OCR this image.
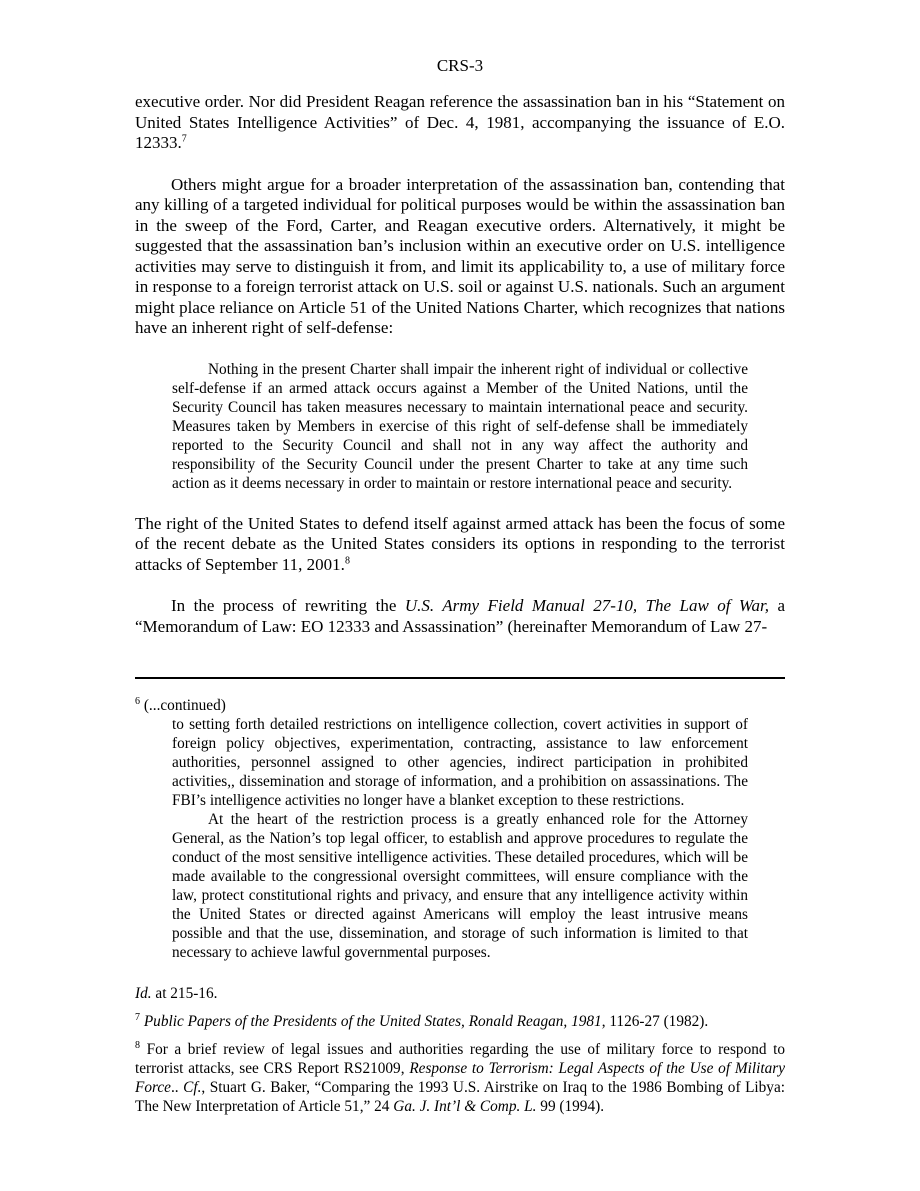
CRS-3

executive order. Nor did President Reagan reference the assassination ban in his “Statement on United States Intelligence Activities” of Dec. 4, 1981, accompanying the issuance of E.O. 12333.$^7$

Others might argue for a broader interpretation of the assassination ban, contending that any killing of a targeted individual for political purposes would be within the assassination ban in the sweep of the Ford, Carter, and Reagan executive orders. Alternatively, it might be suggested that the assassination ban’s inclusion within an executive order on U.S. intelligence activities may serve to distinguish it from, and limit its applicability to, a use of military force in response to a foreign terrorist attack on U.S. soil or against U.S. nationals. Such an argument might place reliance on Article 51 of the United Nations Charter, which recognizes that nations have an inherent right of self-defense:

Nothing in the present Charter shall impair the inherent right of individual or collective self-defense if an armed attack occurs against a Member of the United Nations, until the Security Council has taken measures necessary to maintain international peace and security. Measures taken by Members in exercise of this right of self-defense shall be immediately reported to the Security Council and shall not in any way affect the authority and responsibility of the Security Council under the present Charter to take at any time such action as it deems necessary in order to maintain or restore international peace and security.

The right of the United States to defend itself against armed attack has been the focus of some of the recent debate as the United States considers its options in responding to the terrorist attacks of September 11, 2001.$^8$

In the process of rewriting the U.S. Army Field Manual 27-10, The Law of War, a “Memorandum of Law: EO 12333 and Assassination” (hereinafter Memorandum of Law 27-

$^6$ (...continued)

to setting forth detailed restrictions on intelligence collection, covert activities in support of foreign policy objectives, experimentation, contracting, assistance to law enforcement authorities, personnel assigned to other agencies, indirect participation in prohibited activities,, dissemination and storage of information, and a prohibition on assassinations. The FBI’s intelligence activities no longer have a blanket exception to these restrictions.

At the heart of the restriction process is a greatly enhanced role for the Attorney General, as the Nation’s top legal officer, to establish and approve procedures to regulate the conduct of the most sensitive intelligence activities. These detailed procedures, which will be made available to the congressional oversight committees, will ensure compliance with the law, protect constitutional rights and privacy, and ensure that any intelligence activity within the United States or directed against Americans will employ the least intrusive means possible and that the use, dissemination, and storage of such information is limited to that necessary to achieve lawful governmental purposes.

Id. at 215-16.

$^7$ Public Papers of the Presidents of the United States, Ronald Reagan, 1981, 1126-27 (1982).

$^8$ For a brief review of legal issues and authorities regarding the use of military force to respond to terrorist attacks, see CRS Report RS21009, Response to Terrorism: Legal Aspects of the Use of Military Force.. Cf., Stuart G. Baker, “Comparing the 1993 U.S. Airstrike on Iraq to the 1986 Bombing of Libya: The New Interpretation of Article 51,” 24 Ga. J. Int’l & Comp. L. 99 (1994).
